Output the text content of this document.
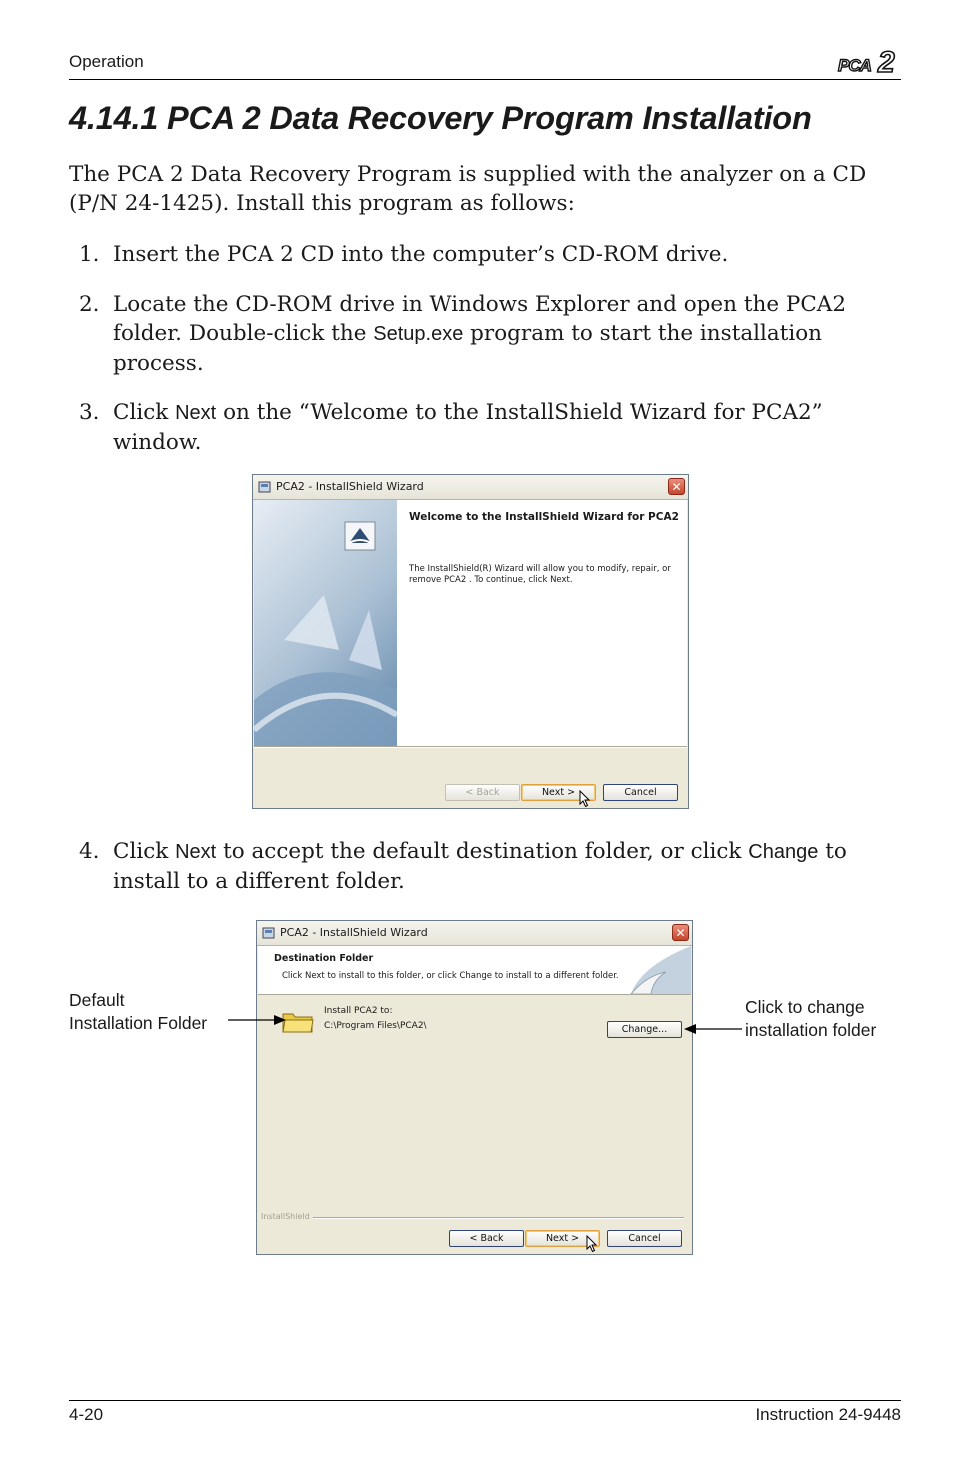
Operation	PCA 2
4.14.1 PCA 2 Data Recovery Program Installation
The PCA 2 Data Recovery Program is supplied with the analyzer on a CD
(P/N 24-1425). Install this program as follows:
1. Insert the PCA 2 CD into the computer’s CD-ROM drive.
2. Locate the CD-ROM drive in Windows Explorer and open the PCA2
folder. Double-click the Setup.exe program to start the installation
process.
3. Click Next on the “Welcome to the InstallShield Wizard for PCA2”
window.
PCA2 - InstallShield Wizard	✕
Welcome to the InstallShield Wizard for PCA2
The InstallShield(R) Wizard will allow you to modify, repair, or
remove PCA2 . To continue, click Next.
< Back	Next >	Cancel
4. Click Next to accept the default destination folder, or click Change to
install to a different folder.
PCA2 - InstallShield Wizard	✕
Destination Folder
Click Next to install to this folder, or click Change to install to a different folder.
Install PCA2 to:
C:\Program Files\PCA2\	Change...
InstallShield
< Back	Next >	Cancel
Default
Installation Folder
Click to change
installation folder
4-20	Instruction 24-9448
